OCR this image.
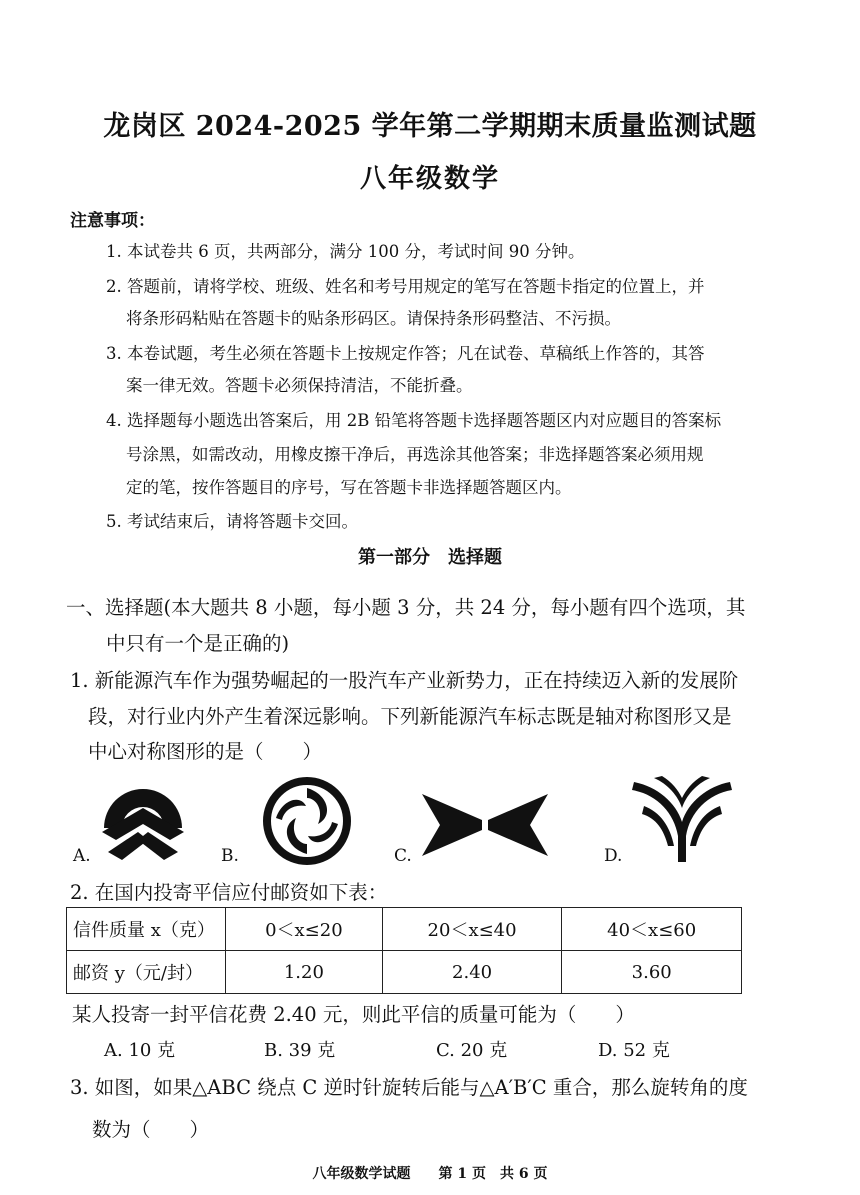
龙岗区 2024-2025 学年第二学期期末质量监测试题
八年级数学
注意事项：
1. 本试卷共 6 页，共两部分，满分 100 分，考试时间 90 分钟。
2. 答题前，请将学校、班级、姓名和考号用规定的笔写在答题卡指定的位置上，并
将条形码粘贴在答题卡的贴条形码区。请保持条形码整洁、不污损。
3. 本卷试题，考生必须在答题卡上按规定作答；凡在试卷、草稿纸上作答的，其答
案一律无效。答题卡必须保持清洁，不能折叠。
4. 选择题每小题选出答案后，用 2B 铅笔将答题卡选择题答题区内对应题目的答案标
号涂黑，如需改动，用橡皮擦干净后，再选涂其他答案；非选择题答案必须用规
定的笔，按作答题目的序号，写在答题卡非选择题答题区内。
5. 考试结束后，请将答题卡交回。
第一部分　选择题
一、选择题(本大题共 8 小题，每小题 3 分，共 24 分，每小题有四个选项，其
中只有一个是正确的)
1. 新能源汽车作为强势崛起的一股汽车产业新势力，正在持续迈入新的发展阶
段，对行业内外产生着深远影响。下列新能源汽车标志既是轴对称图形又是
中心对称图形的是（　　）
A.	B.	C.	D.
2. 在国内投寄平信应付邮资如下表：
信件质量 x（克）	0＜x≤20	20＜x≤40	40＜x≤60
邮资 y（元/封）	1.20	2.40	3.60
某人投寄一封平信花费 2.40 元，则此平信的质量可能为（　　）
A. 10 克	B. 39 克	C. 20 克	D. 52 克
3. 如图，如果△ABC 绕点 C 逆时针旋转后能与△A′B′C 重合，那么旋转角的度
数为（　　）
八年级数学试题　　第 1 页　共 6 页
